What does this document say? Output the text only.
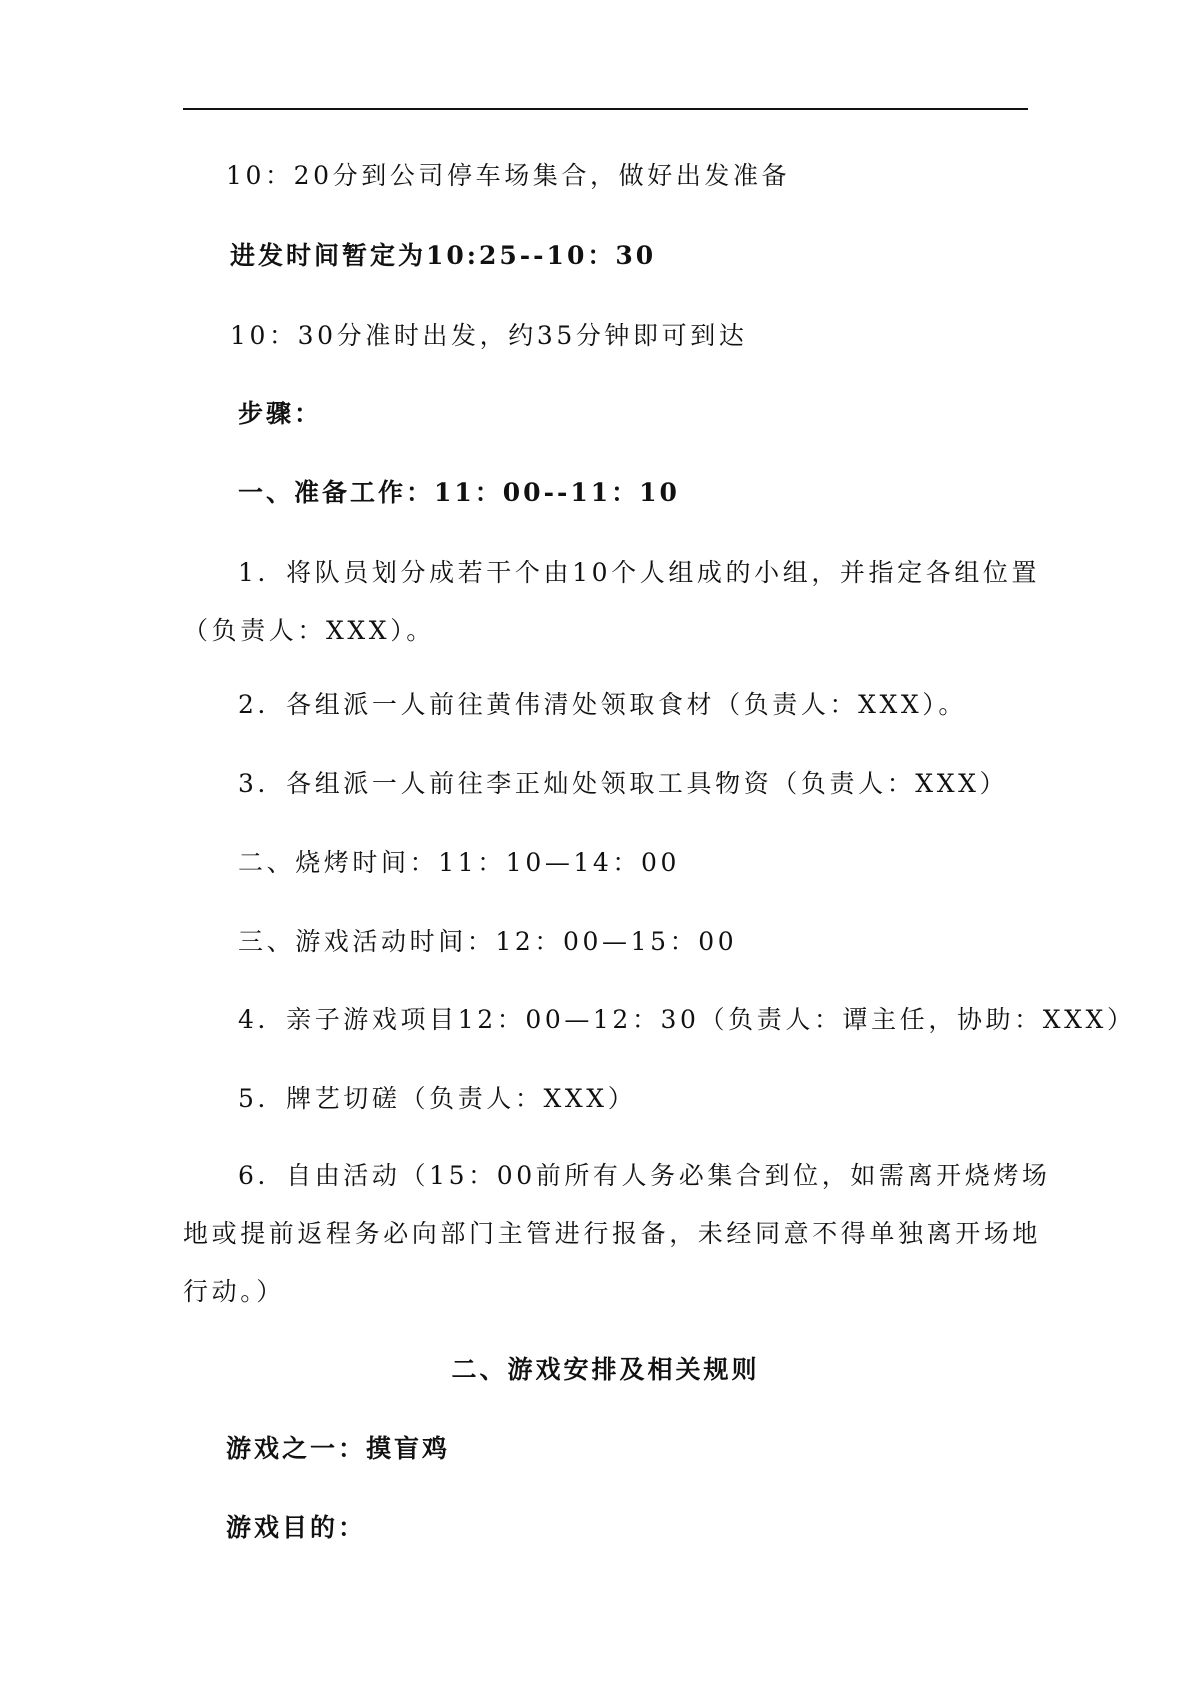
10：20分到公司停车场集合，做好出发准备

进发时间暂定为10:25--10：30

10：30分准时出发，约35分钟即可到达

步骤：

一、准备工作：11：00--11：10

1．将队员划分成若干个由10个人组成的小组，并指定各组位置

（负责人：XXX）。

2．各组派一人前往黄伟清处领取食材（负责人：XXX）。

3．各组派一人前往李正灿处领取工具物资（负责人：XXX）

二、烧烤时间：11：10—14：00

三、游戏活动时间：12：00—15：00

4．亲子游戏项目12：00—12：30（负责人：谭主任，协助：XXX）

5．牌艺切磋（负责人：XXX）

6．自由活动（15：00前所有人务必集合到位，如需离开烧烤场

地或提前返程务必向部门主管进行报备，未经同意不得单独离开场地

行动。）

二、游戏安排及相关规则

游戏之一：摸盲鸡

游戏目的：
